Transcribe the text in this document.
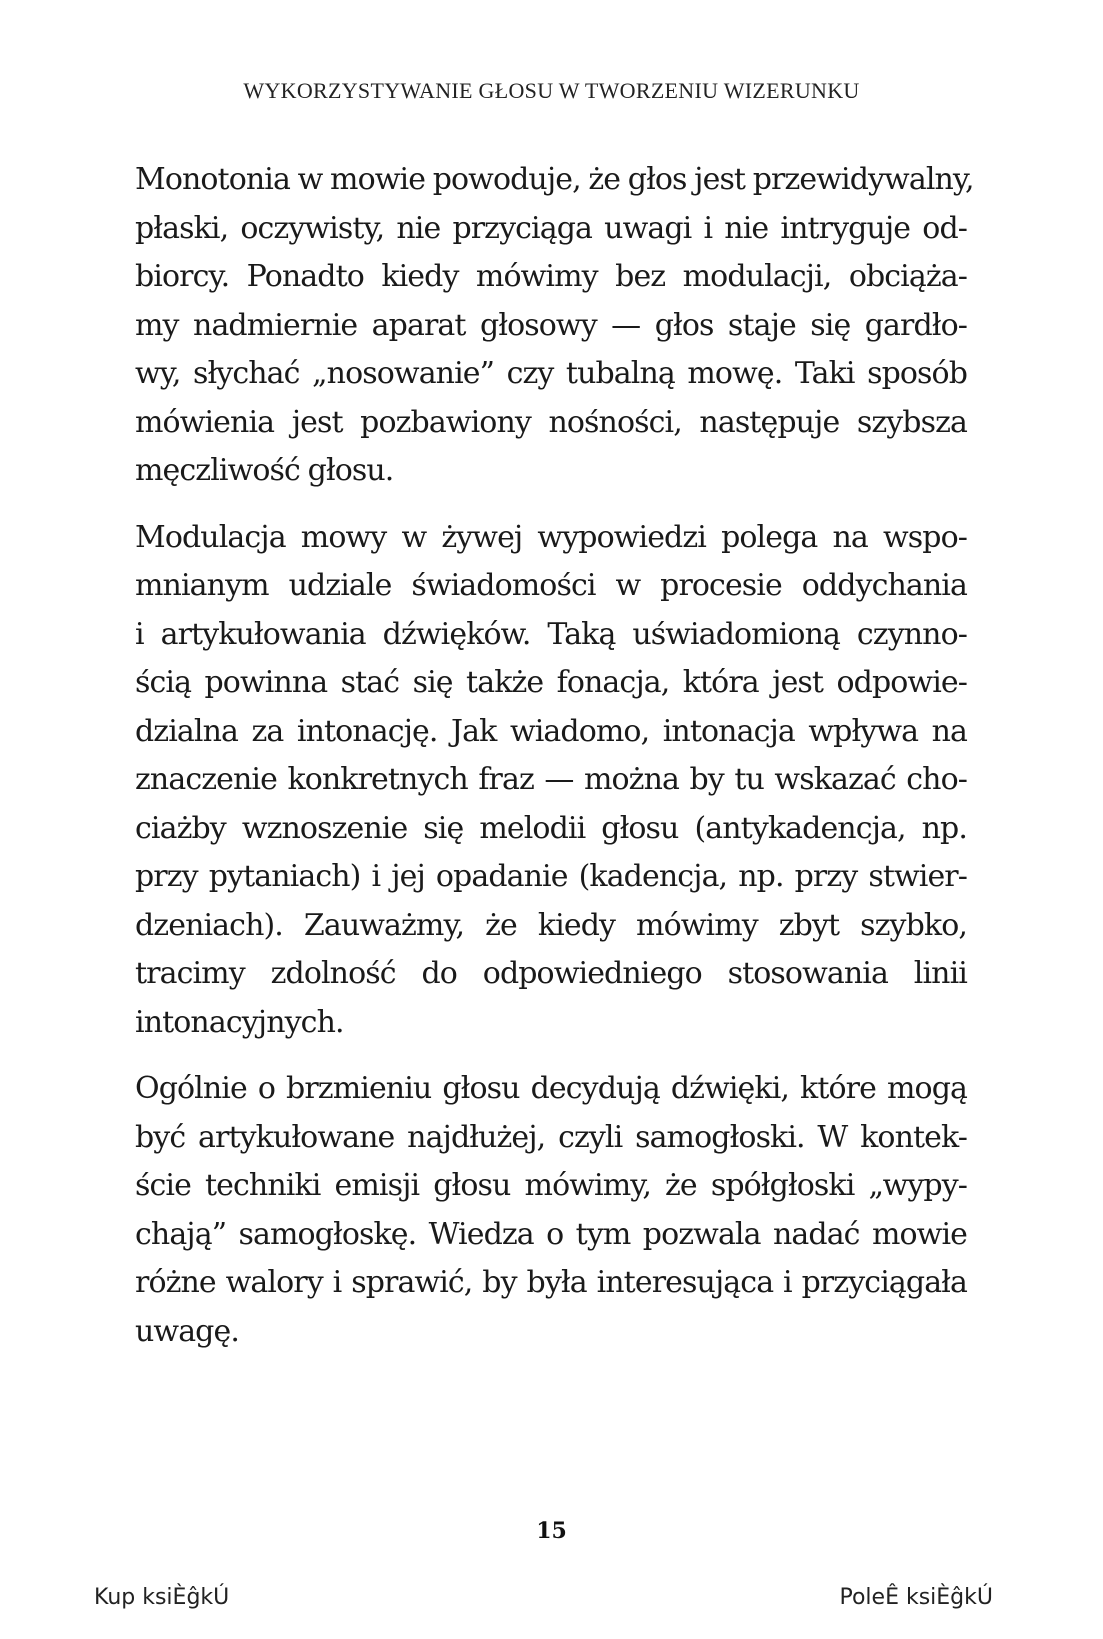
WYKORZYSTYWANIE GŁOSU W TWORZENIU WIZERUNKU
Monotonia w mowie powoduje, że głos jest przewidywalny,
płaski, oczywisty, nie przyciąga uwagi i nie intryguje od-
biorcy. Ponadto kiedy mówimy bez modulacji, obciąża-
my nadmiernie aparat głosowy — głos staje się gardło-
wy, słychać „nosowanie” czy tubalną mowę. Taki sposób
mówienia jest pozbawiony nośności, następuje szybsza
męczliwość głosu.
Modulacja mowy w żywej wypowiedzi polega na wspo-
mnianym udziale świadomości w procesie oddychania
i artykułowania dźwięków. Taką uświadomioną czynno-
ścią powinna stać się także fonacja, która jest odpowie-
dzialna za intonację. Jak wiadomo, intonacja wpływa na
znaczenie konkretnych fraz — można by tu wskazać cho-
ciażby wznoszenie się melodii głosu (antykadencja, np.
przy pytaniach) i jej opadanie (kadencja, np. przy stwier-
dzeniach). Zauważmy, że kiedy mówimy zbyt szybko,
tracimy zdolność do odpowiedniego stosowania linii
intonacyjnych.
Ogólnie o brzmieniu głosu decydują dźwięki, które mogą
być artykułowane najdłużej, czyli samogłoski. W kontek-
ście techniki emisji głosu mówimy, że spółgłoski „wypy-
chają” samogłoskę. Wiedza o tym pozwala nadać mowie
różne walory i sprawić, by była interesująca i przyciągała
uwagę.
15
Kup ksiÈĝkÚ	PoleÊ ksiÈĝkÚ
